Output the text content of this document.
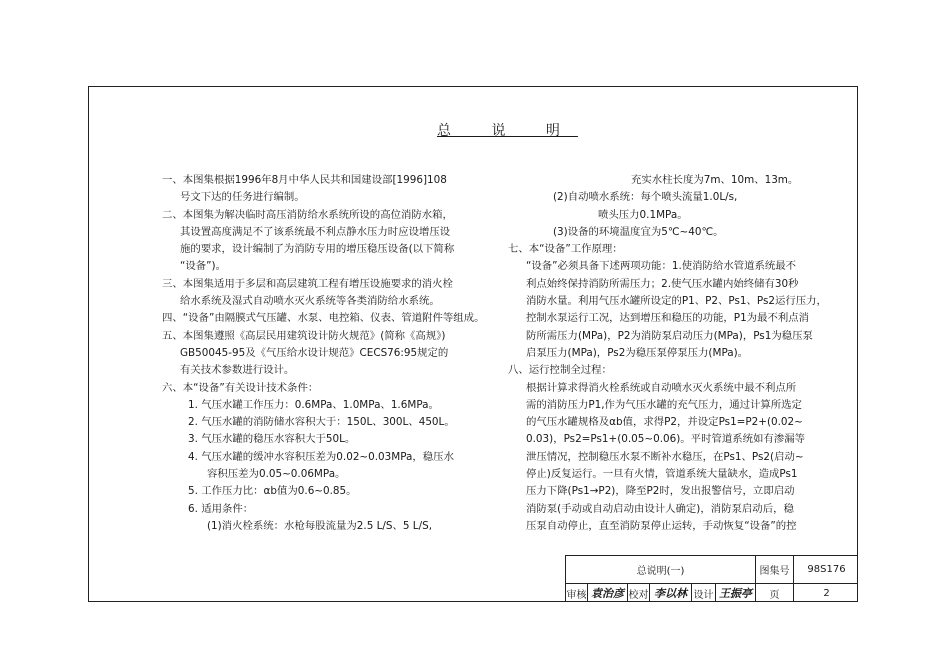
总 说 明
一、本图集根据1996年8月中华人民共和国建设部[1996]108
号文下达的任务进行编制。
二、本图集为解决临时高压消防给水系统所设的高位消防水箱，
其设置高度满足不了该系统最不利点静水压力时应设增压设
施的要求，设计编制了为消防专用的增压稳压设备(以下简称
“设备”)。
三、本图集适用于多层和高层建筑工程有增压设施要求的消火栓
给水系统及湿式自动喷水灭火系统等各类消防给水系统。
四、“设备”由隔膜式气压罐、水泵、电控箱、仪表、管道附件等组成。
五、本图集遵照《高层民用建筑设计防火规范》(简称《高规》)
GB50045-95及《气压给水设计规范》CECS76:95规定的
有关技术参数进行设计。
六、本“设备”有关设计技术条件：
1. 气压水罐工作压力：0.6MPa、1.0MPa、1.6MPa。
2. 气压水罐的消防储水容积大于：150L、300L、450L。
3. 气压水罐的稳压水容积大于50L。
4. 气压水罐的缓冲水容积压差为0.02~0.03MPa，稳压水
容积压差为0.05~0.06MPa。
5. 工作压力比：αb值为0.6~0.85。
6. 适用条件：
(1)消火栓系统：水枪每股流量为2.5 L/S、5 L/S,
充实水柱长度为7m、10m、13m。
(2)自动喷水系统：每个喷头流量1.0L/s,
喷头压力0.1MPa。
(3)设备的环境温度宜为5℃~40℃。
七、本“设备”工作原理：
“设备”必须具备下述两项功能：1.使消防给水管道系统最不
利点始终保持消防所需压力；2.使气压水罐内始终储有30秒
消防水量。利用气压水罐所设定的P1、P2、Ps1、Ps2运行压力，
控制水泵运行工况，达到增压和稳压的功能，P1为最不利点消
防所需压力(MPa)，P2为消防泵启动压力(MPa)，Ps1为稳压泵
启泵压力(MPa)，Ps2为稳压泵停泵压力(MPa)。
八、运行控制全过程：
根据计算求得消火栓系统或自动喷水灭火系统中最不利点所
需的消防压力P1,作为气压水罐的充气压力，通过计算所选定
的气压水罐规格及αb值，求得P2，并设定Ps1=P2+(0.02~
0.03)，Ps2=Ps1+(0.05~0.06)。平时管道系统如有渗漏等
泄压情况，控制稳压水泵不断补水稳压，在Ps1、Ps2(启动~
停止)反复运行。一旦有火情，管道系统大量缺水，造成Ps1
压力下降(Ps1→P2)，降至P2时，发出报警信号，立即启动
消防泵(手动或自动启动由设计人确定)，消防泵启动后，稳
压泵自动停止，直至消防泵停止运转，手动恢复“设备”的控
总说明(一)	图集号	98S176
审核 袁治彦 校对 李以林 设计 王振亭	页	2
